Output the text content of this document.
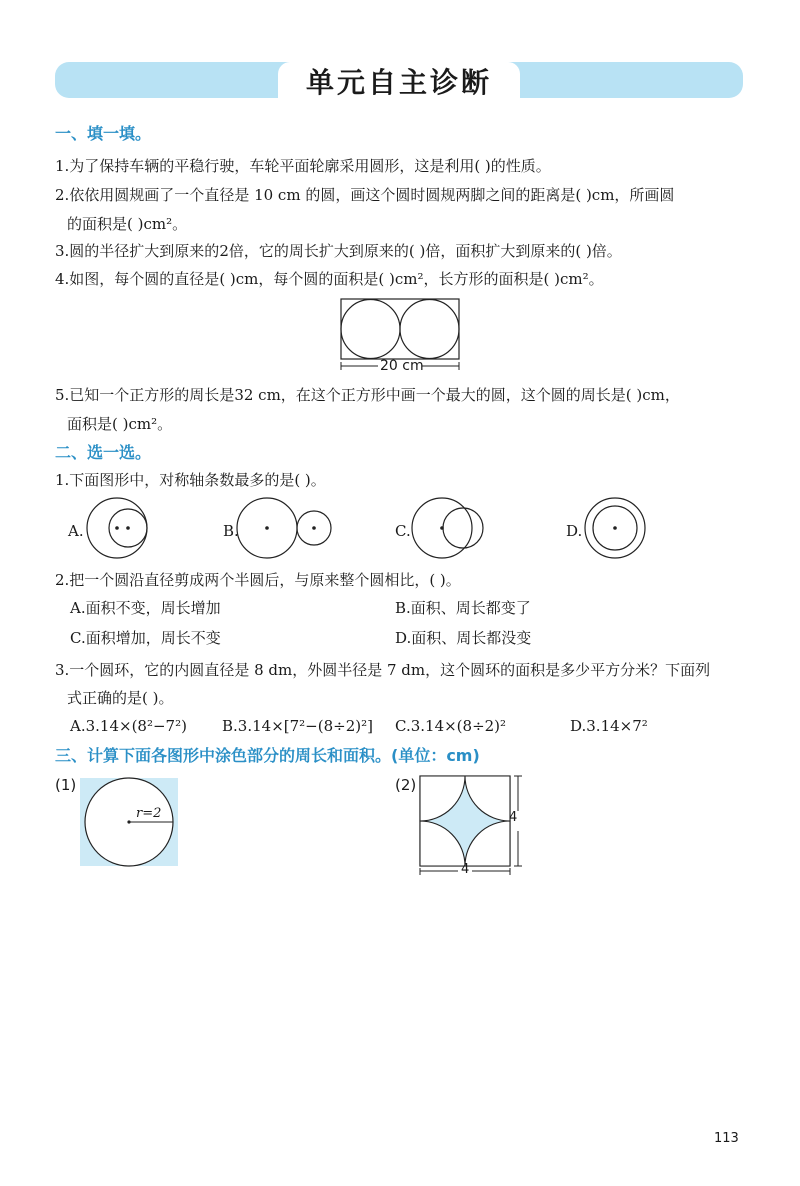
单元自主诊断
一、填一填。
1.为了保持车辆的平稳行驶，车轮平面轮廓采用圆形，这是利用( )的性质。
2.依依用圆规画了一个直径是 10 cm 的圆，画这个圆时圆规两脚之间的距离是( )cm，所画圆
的面积是( )cm²。
3.圆的半径扩大到原来的2倍，它的周长扩大到原来的( )倍，面积扩大到原来的( )倍。
4.如图，每个圆的直径是( )cm，每个圆的面积是( )cm²，长方形的面积是( )cm²。
20 cm
5.已知一个正方形的周长是32 cm，在这个正方形中画一个最大的圆，这个圆的周长是( )cm，
面积是( )cm²。
二、选一选。
1.下面图形中，对称轴条数最多的是( )。
A.	B.	C.	D.
2.把一个圆沿直径剪成两个半圆后，与原来整个圆相比，( )。
A.面积不变，周长增加	B.面积、周长都变了
C.面积增加，周长不变	D.面积、周长都没变
3.一个圆环，它的内圆直径是 8 dm，外圆半径是 7 dm，这个圆环的面积是多少平方分米？下面列
式正确的是( )。
A.3.14×(8²−7²) B.3.14×[7²−(8÷2)²] C.3.14×(8÷2)²	D.3.14×7²
三、计算下面各图形中涂色部分的周长和面积。(单位：cm)
(1)
r=2
(2)
4
4
113
